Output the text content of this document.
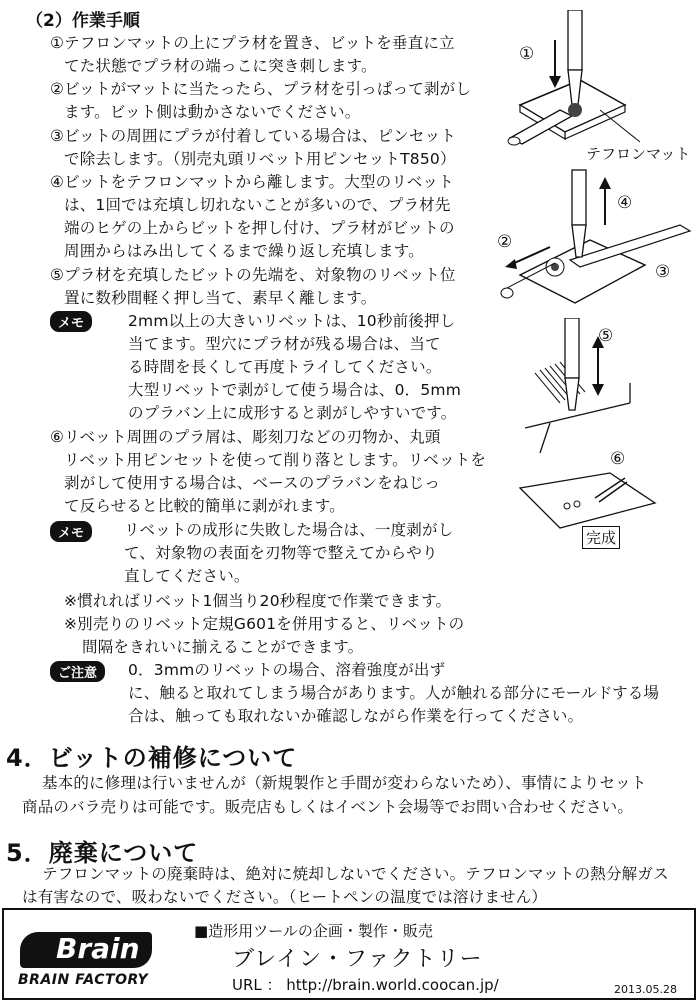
（2）作業手順
①テフロンマットの上にプラ材を置き、ビットを垂直に立
てた状態でプラ材の端っこに突き刺します。
②ビットがマットに当たったら、プラ材を引っぱって剥がし
ます。ビット側は動かさないでください。
③ビットの周囲にプラが付着している場合は、ピンセット
で除去します。（別売丸頭リベット用ピンセットT850）
④ビットをテフロンマットから離します。大型のリベット
は、1回では充填し切れないことが多いので、プラ材先
端のヒゲの上からビットを押し付け、プラ材がビットの
周囲からはみ出してくるまで繰り返し充填します。
⑤プラ材を充填したビットの先端を、対象物のリベット位
置に数秒間軽く押し当て、素早く離します。
メモ	2mm以上の大きいリベットは、10秒前後押し
当てます。型穴にプラ材が残る場合は、当て
る時間を長くして再度トライしてください。
大型リベットで剥がして使う場合は、0．5mm
のプラバン上に成形すると剥がしやすいです。
⑥リベット周囲のプラ屑は、彫刻刀などの刃物か、丸頭
リベット用ピンセットを使って削り落とします。リベットを
剥がして使用する場合は、ベースのプラバンをねじっ
て反らせると比較的簡単に剥がれます。
メモ	リベットの成形に失敗した場合は、一度剥がし
て、対象物の表面を刃物等で整えてからやり
直してください。
※慣れればリベット1個当り20秒程度で作業できます。
※別売りのリベット定規G601を併用すると、リベットの
間隔をきれいに揃えることができます。
ご注意	0．3mmのリベットの場合、溶着強度が出ず
に、触ると取れてしまう場合があります。人が触れる部分にモールドする場
合は、触っても取れないか確認しながら作業を行ってください。
4．ビットの補修について
基本的に修理は行いませんが（新規製作と手間が変わらないため）、事情によりセット
商品のバラ売りは可能です。販売店もしくはイベント会場等でお問い合わせください。
5．廃棄について
テフロンマットの廃棄時は、絶対に焼却しないでください。テフロンマットの熱分解ガス
は有害なので、吸わないでください。（ヒートペンの温度では溶けません）
①
テフロンマット
②
③
④
⑤
⑥
完成
Brain
BRAIN FACTORY
■造形用ツールの企画・製作・販売
ブレイン・ファクトリー
URL ： http://brain.world.coocan.jp/	2013.05.28
